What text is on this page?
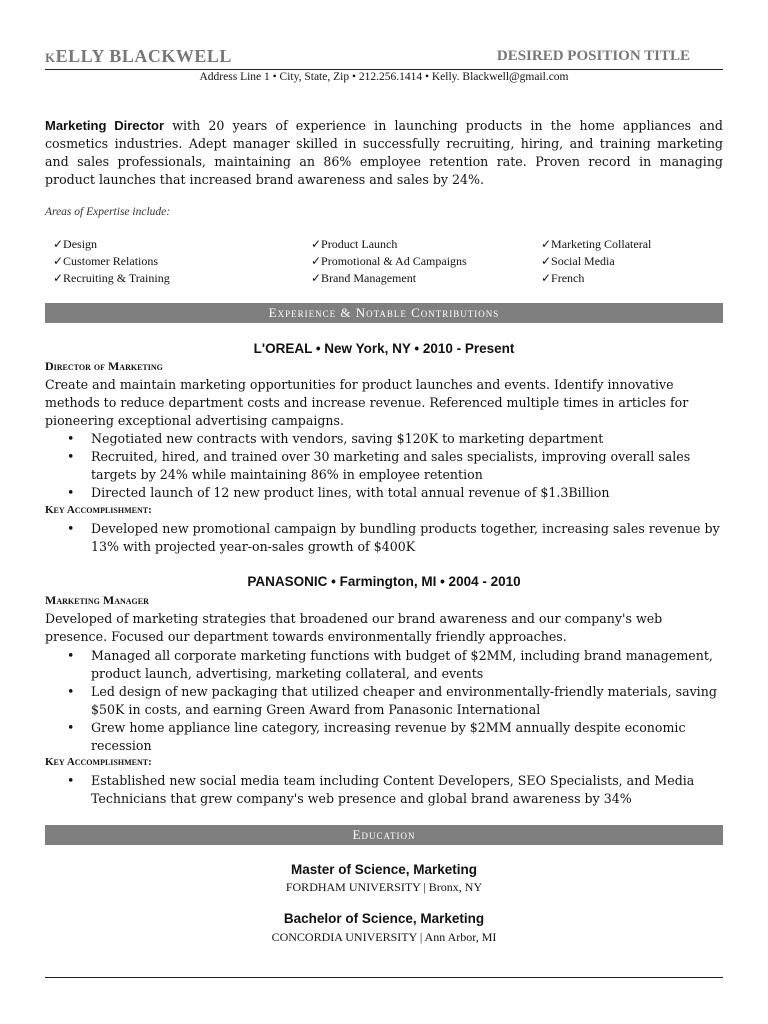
kELLY BLACKWELL	DESIRED POSITION TITLE
Address Line 1 • City, State, Zip • 212.256.1414 • Kelly. Blackwell@gmail.com
Marketing Director with 20 years of experience in launching products in the home appliances and cosmetics industries. Adept manager skilled in successfully recruiting, hiring, and training marketing and sales professionals, maintaining an 86% employee retention rate. Proven record in managing product launches that increased brand awareness and sales by 24%.
Areas of Expertise include:
✓Design
✓Customer Relations
✓Recruiting & Training
✓Product Launch
✓Promotional & Ad Campaigns
✓Brand Management
✓Marketing Collateral
✓Social Media
✓French
Experience & Notable Contributions
L'OREAL • New York, NY • 2010 - Present
Director of Marketing
Create and maintain marketing opportunities for product launches and events. Identify innovative methods to reduce department costs and increase revenue. Referenced multiple times in articles for pioneering exceptional advertising campaigns.
• Negotiated new contracts with vendors, saving $120K to marketing department
• Recruited, hired, and trained over 30 marketing and sales specialists, improving overall sales targets by 24% while maintaining 86% in employee retention
• Directed launch of 12 new product lines, with total annual revenue of $1.3Billion
Key Accomplishment:
• Developed new promotional campaign by bundling products together, increasing sales revenue by 13% with projected year-on-sales growth of $400K
PANASONIC • Farmington, MI • 2004 - 2010
Marketing Manager
Developed of marketing strategies that broadened our brand awareness and our company's web presence. Focused our department towards environmentally friendly approaches.
• Managed all corporate marketing functions with budget of $2MM, including brand management, product launch, advertising, marketing collateral, and events
• Led design of new packaging that utilized cheaper and environmentally-friendly materials, saving $50K in costs, and earning Green Award from Panasonic International
• Grew home appliance line category, increasing revenue by $2MM annually despite economic recession
Key Accomplishment:
• Established new social media team including Content Developers, SEO Specialists, and Media Technicians that grew company's web presence and global brand awareness by 34%
Education
Master of Science, Marketing
FORDHAM UNIVERSITY | Bronx, NY
Bachelor of Science, Marketing
CONCORDIA UNIVERSITY | Ann Arbor, MI
